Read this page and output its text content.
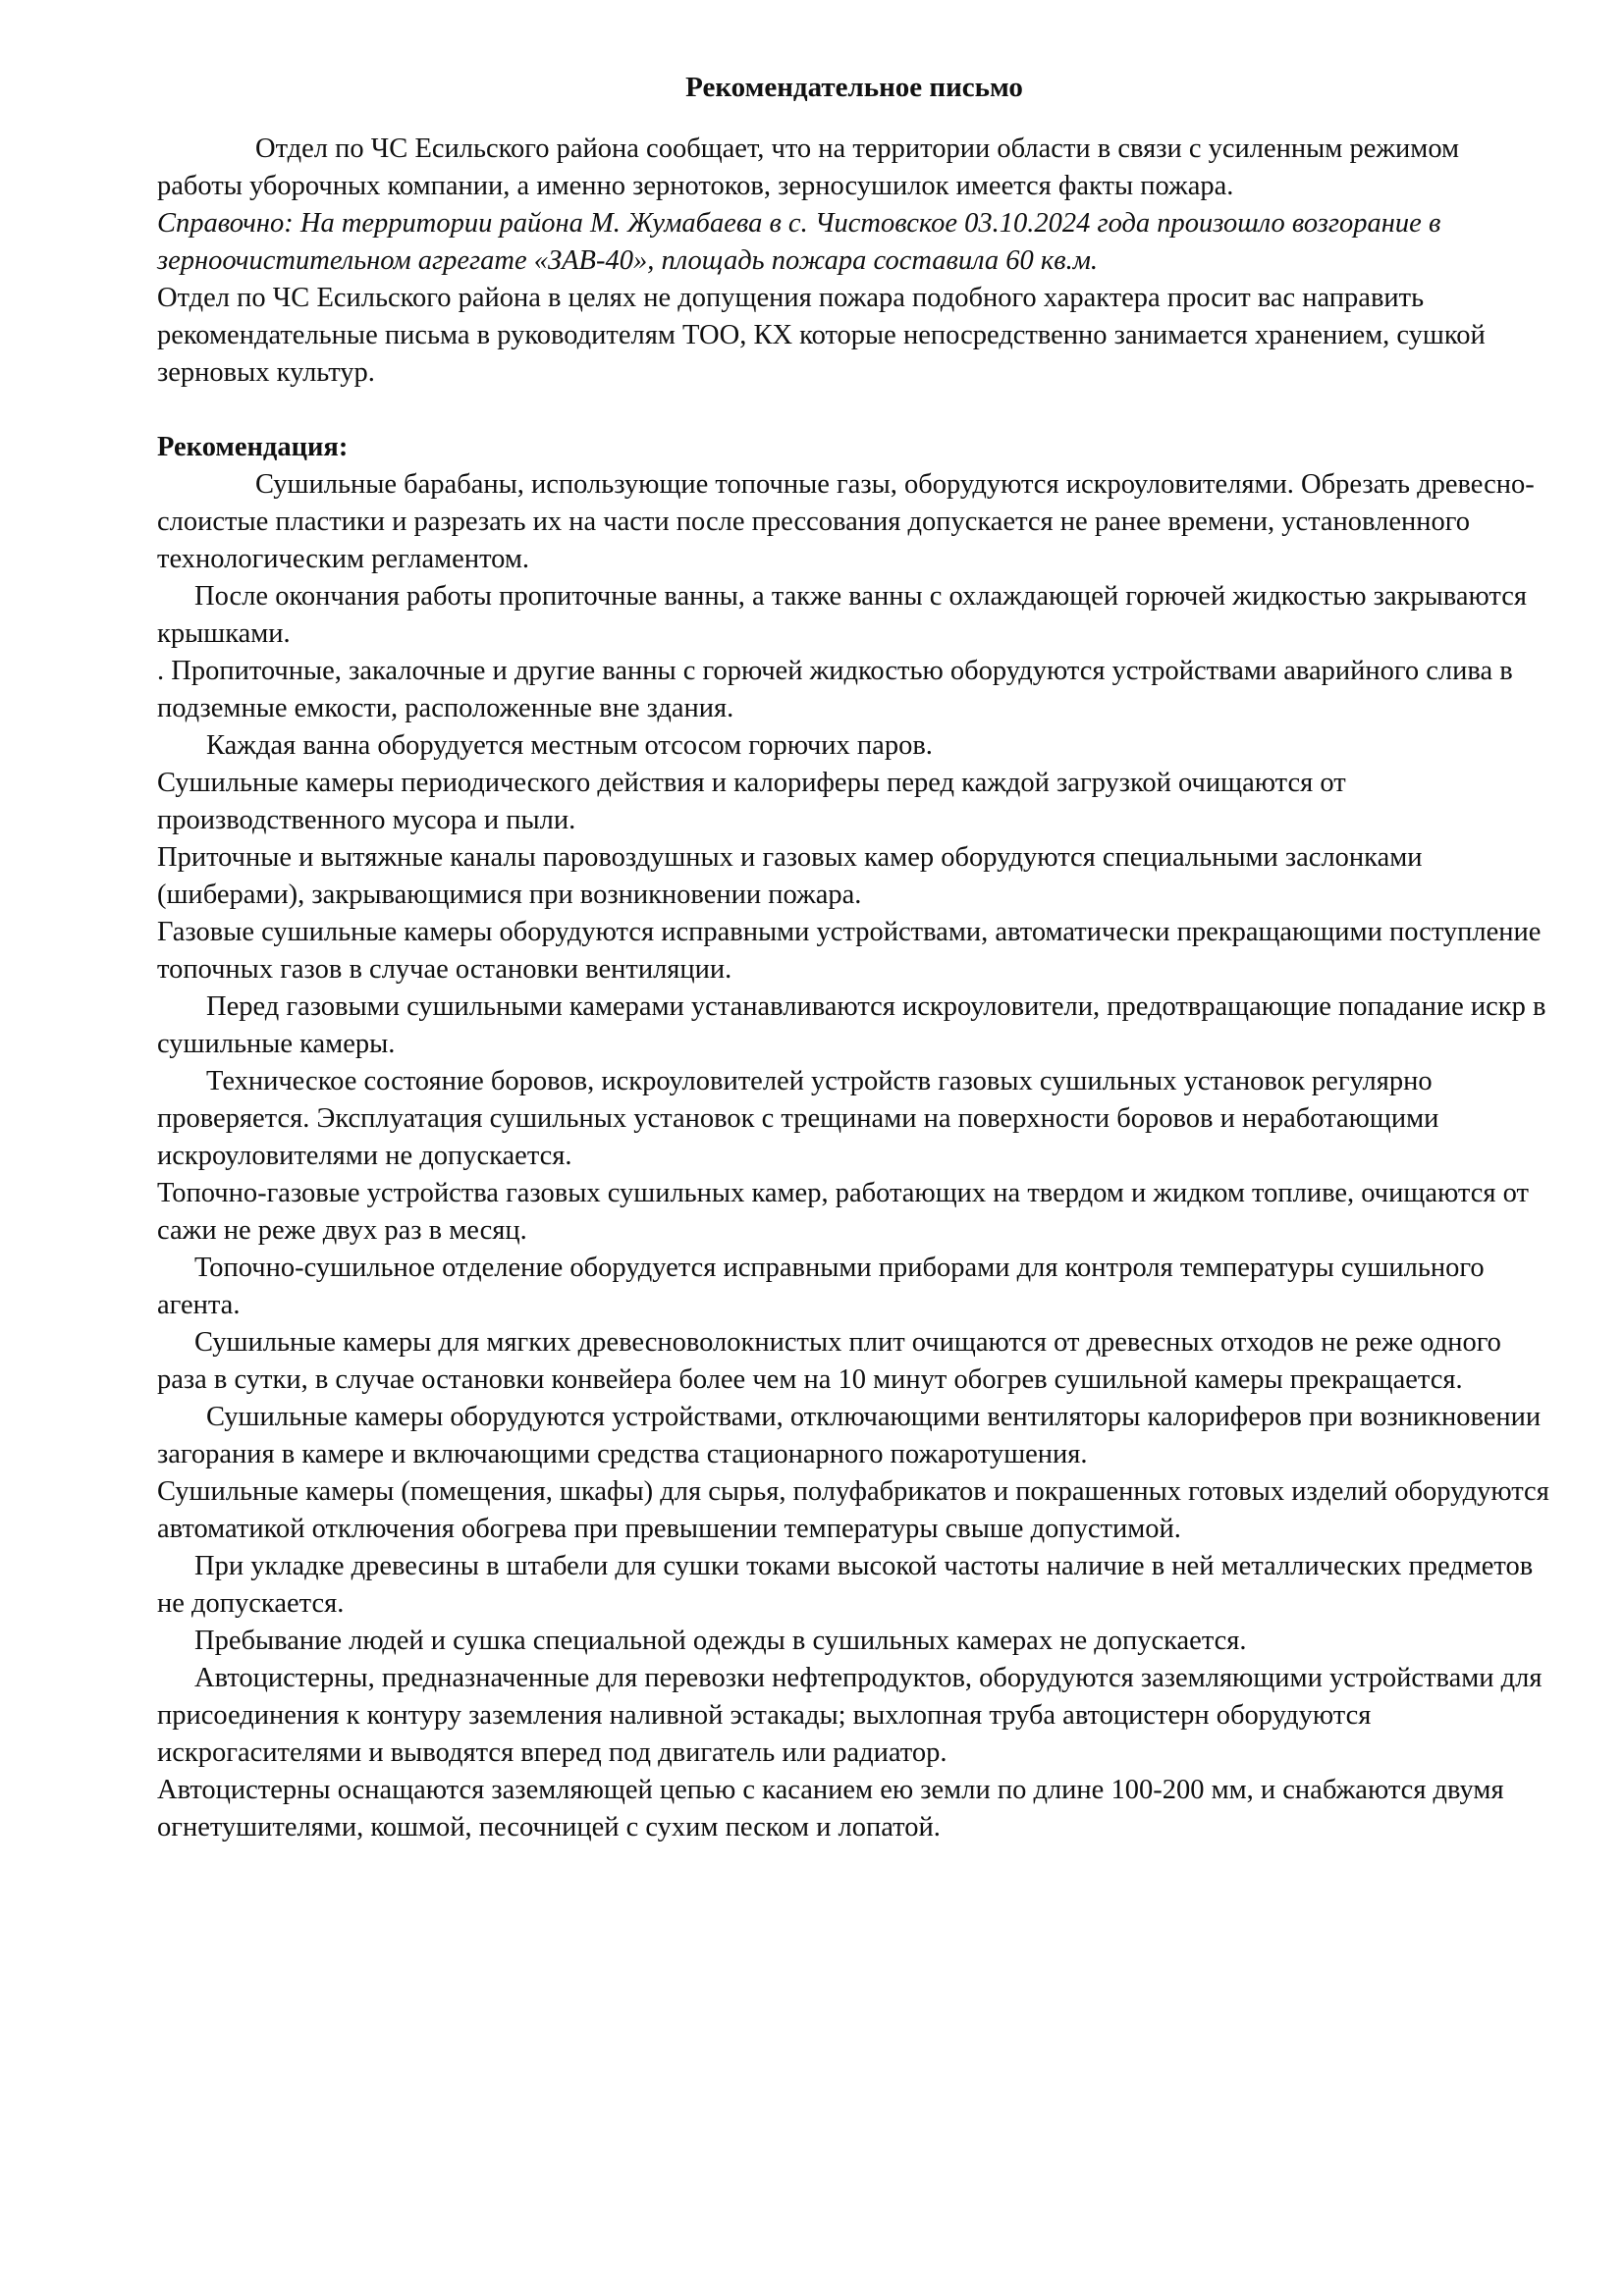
Рекомендательное письмо

Отдел по ЧС Есильского района сообщает, что на территории области в связи с усиленным режимом работы уборочных компании, а именно зернотоков, зерносушилок имеется факты пожара.

Справочно: На территории района М. Жумабаева в с. Чистовское 03.10.2024 года произошло возгорание в зерноочистительном агрегате «ЗАВ-40», площадь пожара составила 60 кв.м.

Отдел по ЧС Есильского района в целях не допущения пожара подобного характера просит вас направить рекомендательные письма в руководителям ТОО, КХ которые непосредственно занимается хранением, сушкой зерновых культур.

Рекомендация:

Сушильные барабаны, использующие топочные газы, оборудуются искроуловителями. Обрезать древесно-слоистые пластики и разрезать их на части после прессования допускается не ранее времени, установленного технологическим регламентом.

После окончания работы пропиточные ванны, а также ванны с охлаждающей горючей жидкостью закрываются крышками.

. Пропиточные, закалочные и другие ванны с горючей жидкостью оборудуются устройствами аварийного слива в подземные емкости, расположенные вне здания.

Каждая ванна оборудуется местным отсосом горючих паров.

Сушильные камеры периодического действия и калориферы перед каждой загрузкой очищаются от производственного мусора и пыли.

Приточные и вытяжные каналы паровоздушных и газовых камер оборудуются специальными заслонками (шиберами), закрывающимися при возникновении пожара.

Газовые сушильные камеры оборудуются исправными устройствами, автоматически прекращающими поступление топочных газов в случае остановки вентиляции.

Перед газовыми сушильными камерами устанавливаются искроуловители, предотвращающие попадание искр в сушильные камеры.

Техническое состояние боровов, искроуловителей устройств газовых сушильных установок регулярно проверяется. Эксплуатация сушильных установок с трещинами на поверхности боровов и неработающими искроуловителями не допускается.

Топочно-газовые устройства газовых сушильных камер, работающих на твердом и жидком топливе, очищаются от сажи не реже двух раз в месяц.

Топочно-сушильное отделение оборудуется исправными приборами для контроля температуры сушильного агента.

Сушильные камеры для мягких древесноволокнистых плит очищаются от древесных отходов не реже одного раза в сутки, в случае остановки конвейера более чем на 10 минут обогрев сушильной камеры прекращается.

Сушильные камеры оборудуются устройствами, отключающими вентиляторы калориферов при возникновении загорания в камере и включающими средства стационарного пожаротушения.

Сушильные камеры (помещения, шкафы) для сырья, полуфабрикатов и покрашенных готовых изделий оборудуются автоматикой отключения обогрева при превышении температуры свыше допустимой.

При укладке древесины в штабели для сушки токами высокой частоты наличие в ней металлических предметов не допускается.

Пребывание людей и сушка специальной одежды в сушильных камерах не допускается.

Автоцистерны, предназначенные для перевозки нефтепродуктов, оборудуются заземляющими устройствами для присоединения к контуру заземления наливной эстакады; выхлопная труба автоцистерн оборудуются искрогасителями и выводятся вперед под двигатель или радиатор.

Автоцистерны оснащаются заземляющей цепью с касанием ею земли по длине 100-200 мм, и снабжаются двумя огнетушителями, кошмой, песочницей с сухим песком и лопатой.
